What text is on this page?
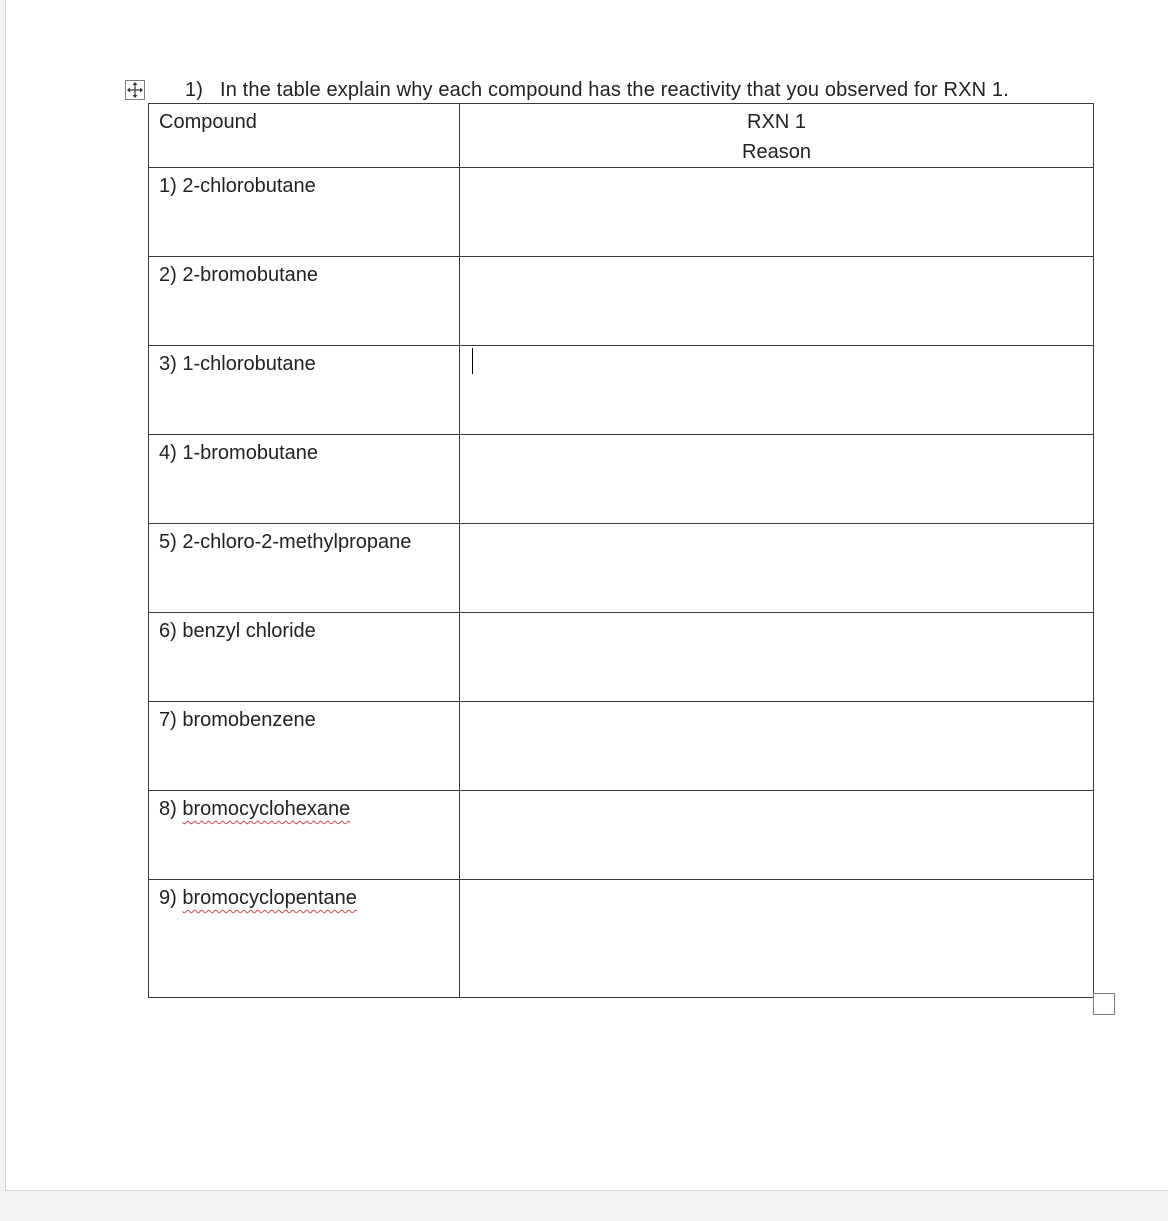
1) In the table explain why each compound has the reactivity that you observed for RXN 1.
Compound	RXN 1
Reason

1) 2-chlorobutane	

2) 2-bromobutane	

3) 1-chlorobutane	

4) 1-bromobutane	

5) 2-chloro-2-methylpropane	

6) benzyl chloride	

7) bromobenzene	

8) bromocyclohexane	

9) bromocyclopentane	
